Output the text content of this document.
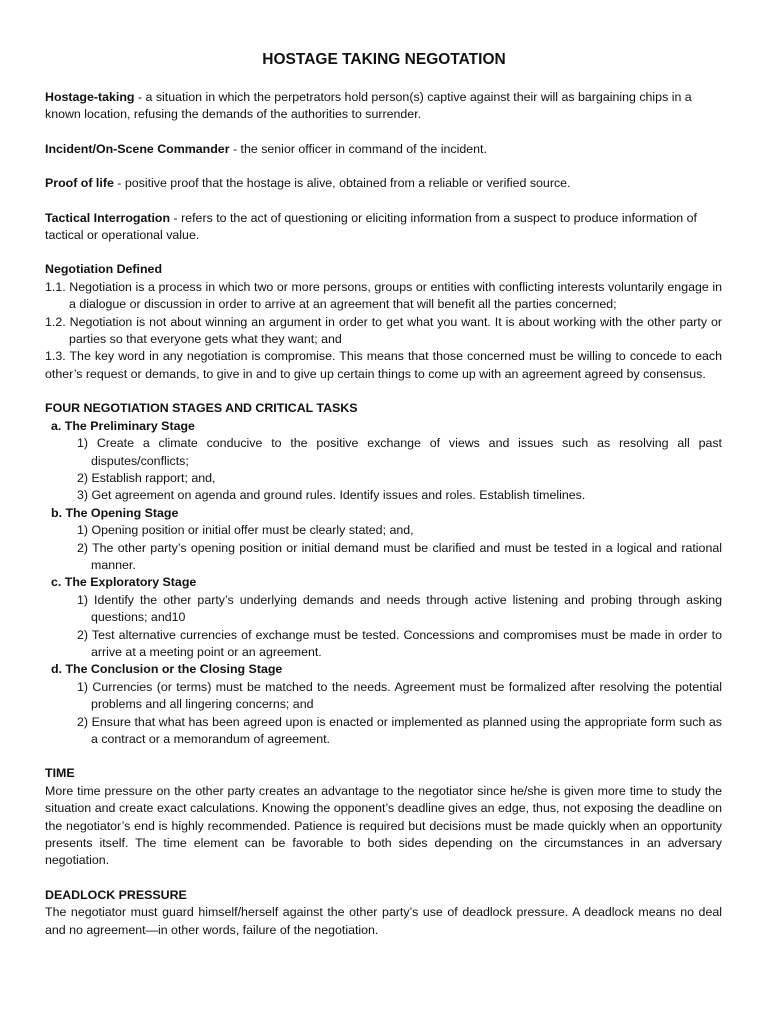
HOSTAGE TAKING NEGOTATION

Hostage-taking - a situation in which the perpetrators hold person(s) captive against their will as bargaining chips in a known location, refusing the demands of the authorities to surrender.

Incident/On-Scene Commander - the senior officer in command of the incident.

Proof of life - positive proof that the hostage is alive, obtained from a reliable or verified source.

Tactical Interrogation - refers to the act of questioning or eliciting information from a suspect to produce information of tactical or operational value.

Negotiation Defined

1.1. Negotiation is a process in which two or more persons, groups or entities with conflicting interests voluntarily engage in a dialogue or discussion in order to arrive at an agreement that will benefit all the parties concerned;

1.2. Negotiation is not about winning an argument in order to get what you want. It is about working with the other party or parties so that everyone gets what they want; and

1.3. The key word in any negotiation is compromise. This means that those concerned must be willing to concede to each other’s request or demands, to give in and to give up certain things to come up with an agreement agreed by consensus.

FOUR NEGOTIATION STAGES AND CRITICAL TASKS

a. The Preliminary Stage

1) Create a climate conducive to the positive exchange of views and issues such as resolving all past disputes/conflicts;

2) Establish rapport; and,

3) Get agreement on agenda and ground rules. Identify issues and roles. Establish timelines.

b. The Opening Stage

1) Opening position or initial offer must be clearly stated; and,

2) The other party’s opening position or initial demand must be clarified and must be tested in a logical and rational manner.

c. The Exploratory Stage

1) Identify the other party’s underlying demands and needs through active listening and probing through asking questions; and10

2) Test alternative currencies of exchange must be tested. Concessions and compromises must be made in order to arrive at a meeting point or an agreement.

d. The Conclusion or the Closing Stage

1) Currencies (or terms) must be matched to the needs. Agreement must be formalized after resolving the potential problems and all lingering concerns; and

2) Ensure that what has been agreed upon is enacted or implemented as planned using the appropriate form such as a contract or a memorandum of agreement.

TIME

More time pressure on the other party creates an advantage to the negotiator since he/she is given more time to study the situation and create exact calculations. Knowing the opponent’s deadline gives an edge, thus, not exposing the deadline on the negotiator’s end is highly recommended. Patience is required but decisions must be made quickly when an opportunity presents itself. The time element can be favorable to both sides depending on the circumstances in an adversary negotiation.

DEADLOCK PRESSURE

The negotiator must guard himself/herself against the other party’s use of deadlock pressure. A deadlock means no deal and no agreement—in other words, failure of the negotiation.
